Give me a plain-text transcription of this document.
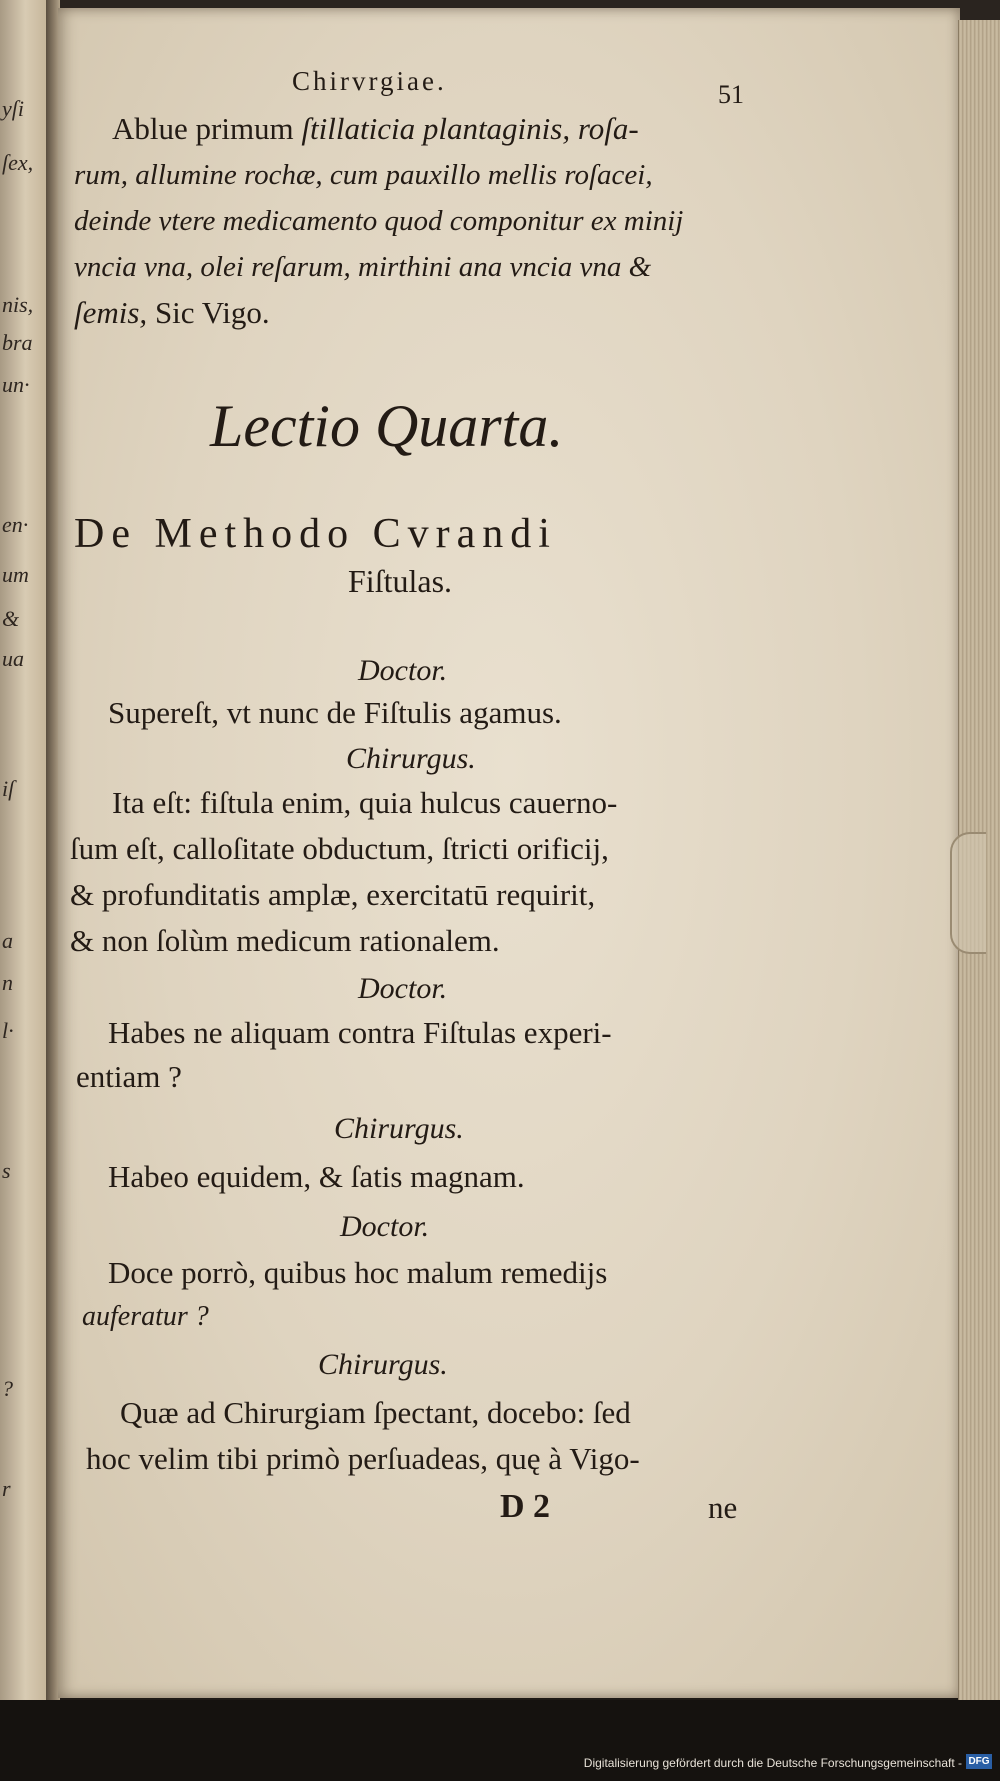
yſi
ſex,
nis,
bra
un·
en·
um
&
ua
iſ
a
n
l·
s
?
r
Chirvrgiae.	51
Ablue primum ſtillaticia plantaginis, roſa-
rum, allumine rochæ, cum pauxillo mellis roſacei,
deinde vtere medicamento quod componitur ex minij
vncia vna, olei reſarum, mirthini ana vncia vna &
ſemis, Sic Vigo.
Lectio Quarta.
De Methodo Cvrandi
Fiſtulas.
Doctor.
Supereſt, vt nunc de Fiſtulis agamus.
Chirurgus.
Ita eſt: fiſtula enim, quia hulcus cauerno-
ſum eſt, calloſitate obductum, ſtricti orificij,
& profunditatis amplæ, exercitatū requirit,
& non ſolùm medicum rationalem.
Doctor.
Habes ne aliquam contra Fiſtulas experi-
entiam ?
Chirurgus.
Habeo equidem, & ſatis magnam.
Doctor.
Doce porrò, quibus hoc malum remedijs
auferatur ?
Chirurgus.
Quæ ad Chirurgiam ſpectant, docebo: ſed
hoc velim tibi primò perſuadeas, quę à Vigo-
D 2	ne
Digitalisierung gefördert durch die Deutsche Forschungsgemeinschaft - DFG
